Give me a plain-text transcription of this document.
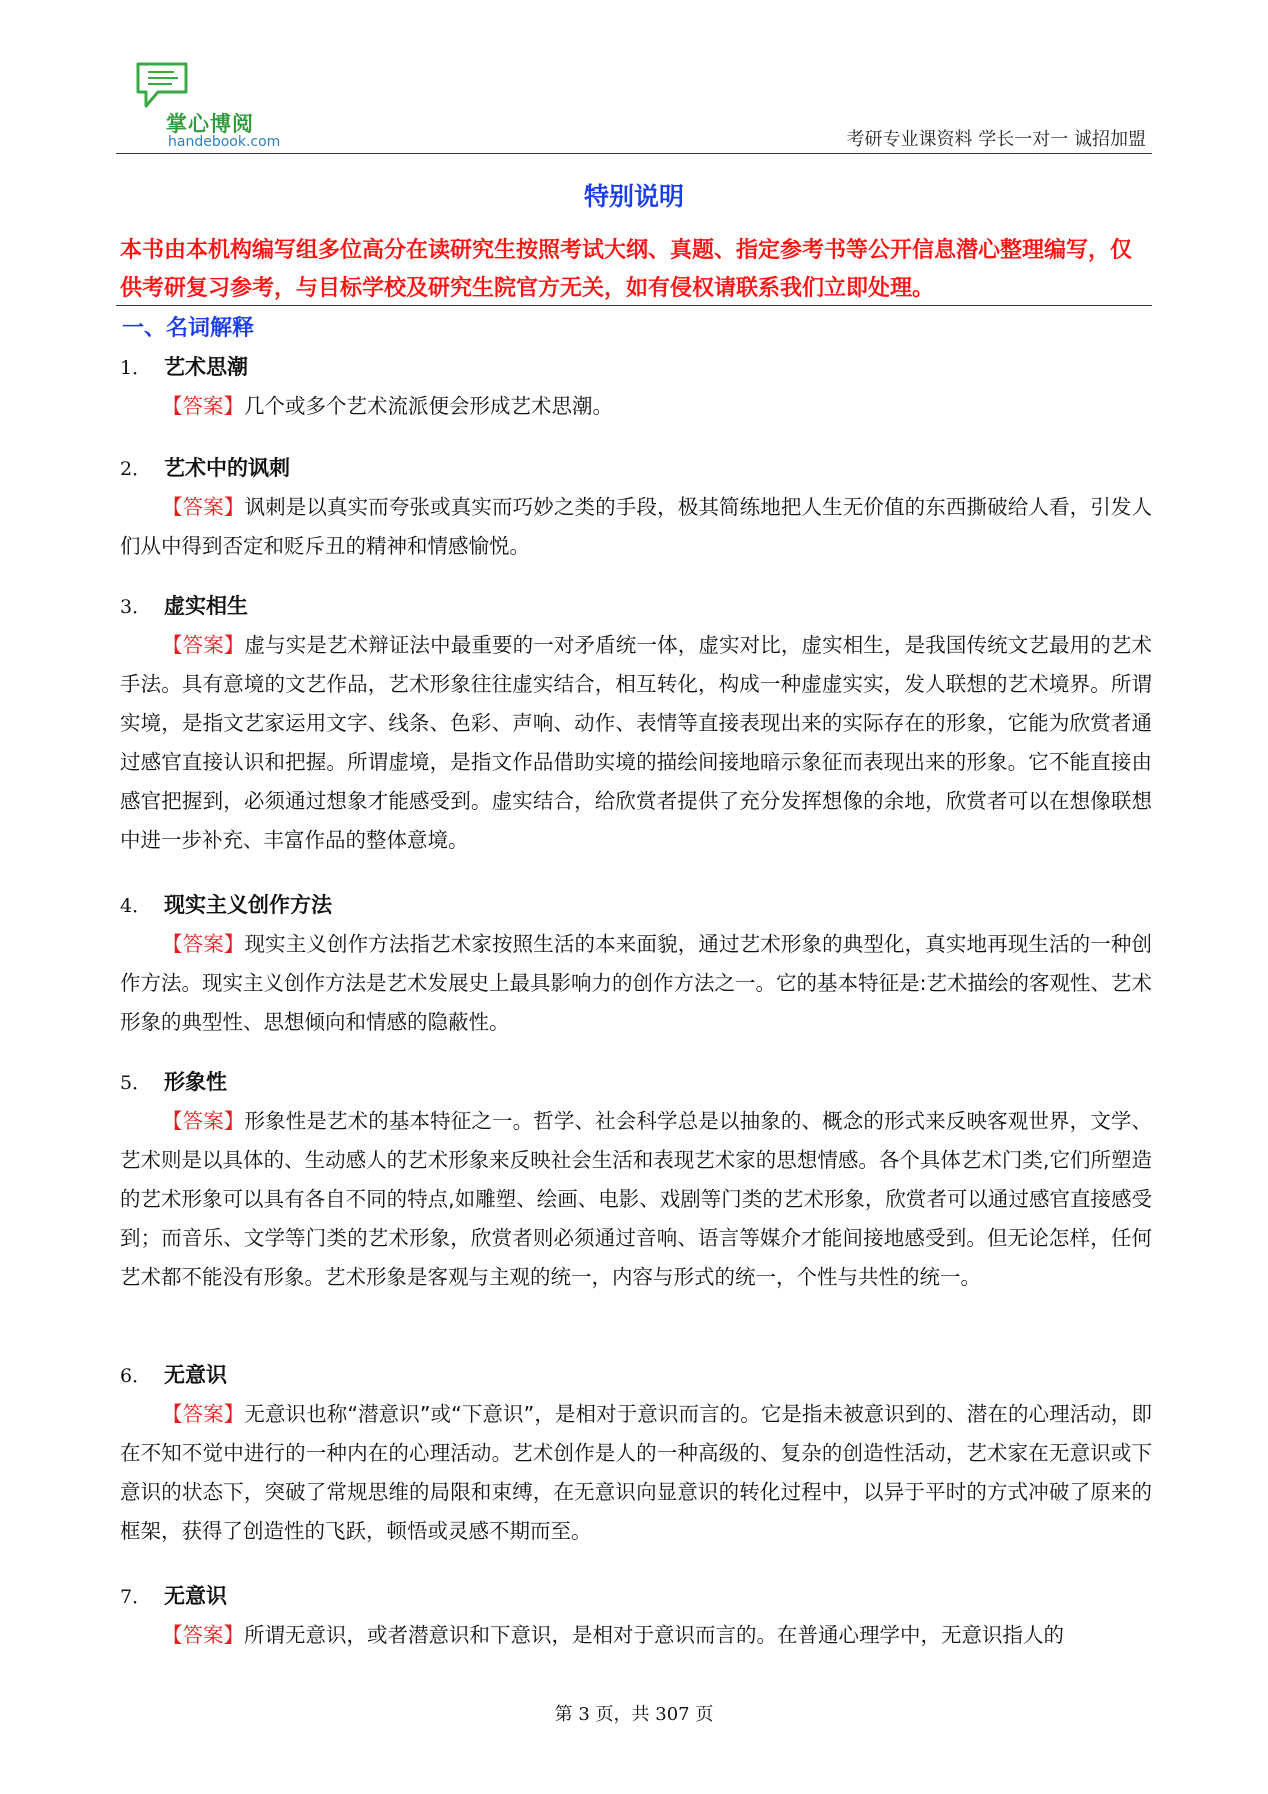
掌心博阅
handebook.com	考研专业课资料 学长一对一 诚招加盟
特别说明
本书由本机构编写组多位高分在读研究生按照考试大纲、真题、指定参考书等公开信息潜心整理编写，仅供考研复习参考，与目标学校及研究生院官方无关，如有侵权请联系我们立即处理。
一、名词解释
1． 艺术思潮
【答案】几个或多个艺术流派便会形成艺术思潮。
2． 艺术中的讽刺
【答案】讽刺是以真实而夸张或真实而巧妙之类的手段，极其简练地把人生无价值的东西撕破给人看，引发人们从中得到否定和贬斥丑的精神和情感愉悦。
3． 虚实相生
【答案】虚与实是艺术辩证法中最重要的一对矛盾统一体，虚实对比，虚实相生，是我国传统文艺最用的艺术手法。具有意境的文艺作品，艺术形象往往虚实结合，相互转化，构成一种虚虚实实，发人联想的艺术境界。所谓实境，是指文艺家运用文字、线条、色彩、声响、动作、表情等直接表现出来的实际存在的形象，它能为欣赏者通过感官直接认识和把握。所谓虚境，是指文作品借助实境的描绘间接地暗示象征而表现出来的形象。它不能直接由感官把握到，必须通过想象才能感受到。虚实结合，给欣赏者提供了充分发挥想像的余地，欣赏者可以在想像联想中进一步补充、丰富作品的整体意境。
4． 现实主义创作方法
【答案】现实主义创作方法指艺术家按照生活的本来面貌，通过艺术形象的典型化，真实地再现生活的一种创作方法。现实主义创作方法是艺术发展史上最具影响力的创作方法之一。它的基本特征是:艺术描绘的客观性、艺术形象的典型性、思想倾向和情感的隐蔽性。
5． 形象性
【答案】形象性是艺术的基本特征之一。哲学、社会科学总是以抽象的、概念的形式来反映客观世界，文学、艺术则是以具体的、生动感人的艺术形象来反映社会生活和表现艺术家的思想情感。各个具体艺术门类,它们所塑造的艺术形象可以具有各自不同的特点,如雕塑、绘画、电影、戏剧等门类的艺术形象，欣赏者可以通过感官直接感受到；而音乐、文学等门类的艺术形象，欣赏者则必须通过音响、语言等媒介才能间接地感受到。但无论怎样，任何艺术都不能没有形象。艺术形象是客观与主观的统一，内容与形式的统一，个性与共性的统一。
6． 无意识
【答案】无意识也称“潜意识”或“下意识”，是相对于意识而言的。它是指未被意识到的、潜在的心理活动，即在不知不觉中进行的一种内在的心理活动。艺术创作是人的一种高级的、复杂的创造性活动，艺术家在无意识或下意识的状态下，突破了常规思维的局限和束缚，在无意识向显意识的转化过程中，以异于平时的方式冲破了原来的框架，获得了创造性的飞跃，顿悟或灵感不期而至。
7． 无意识
【答案】所谓无意识，或者潜意识和下意识，是相对于意识而言的。在普通心理学中，无意识指人的
第 3 页，共 307 页
